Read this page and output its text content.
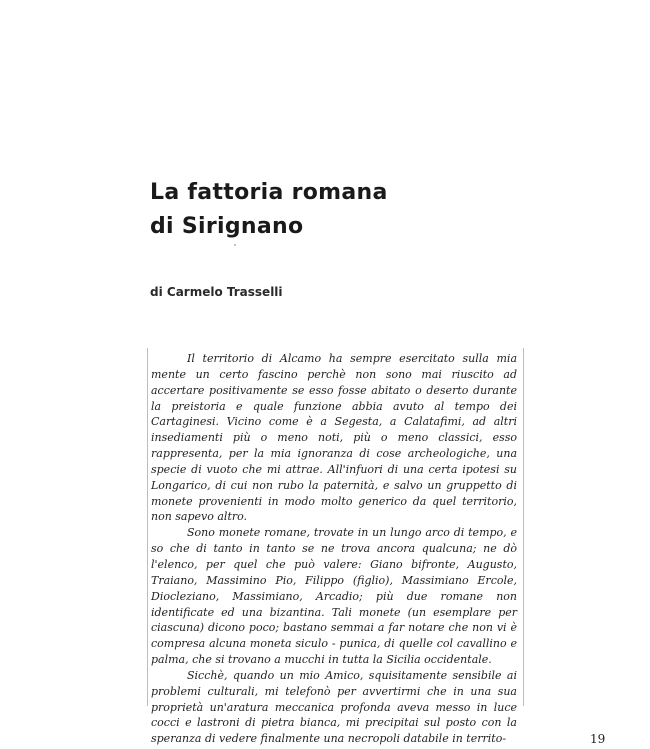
La fattoria romana
di Sirignano

di Carmelo Trasselli

Il territorio di Alcamo ha sempre esercitato sulla mia mente un certo fascino perchè non sono mai riuscito ad accertare positivamente se esso fosse abitato o deserto durante la preistoria e quale funzione abbia avuto al tempo dei Cartaginesi. Vicino come è a Segesta, a Calatafimi, ad altri insediamenti più o meno noti, più o meno classici, esso rappresenta, per la mia ignoranza di cose archeologiche, una specie di vuoto che mi attrae. All'infuori di una certa ipotesi su Longarico, di cui non rubo la paternità, e salvo un gruppetto di monete provenienti in modo molto generico da quel territorio, non sapevo altro.

Sono monete romane, trovate in un lungo arco di tempo, e so che di tanto in tanto se ne trova ancora qualcuna; ne dò l'elenco, per quel che può valere: Giano bifronte, Augusto, Traiano, Massimino Pio, Filippo (figlio), Massimiano Ercole, Diocleziano, Massimiano, Arcadio; più due romane non identificate ed una bizantina. Tali monete (un esemplare per ciascuna) dicono poco; bastano semmai a far notare che non vi è compresa alcuna moneta siculo - punica, di quelle col cavallino e palma, che si trovano a mucchi in tutta la Sicilia occidentale.

Sicchè, quando un mio Amico, squisitamente sensibile ai problemi culturali, mi telefonò per avvertirmi che in una sua proprietà un'aratura meccanica profonda aveva messo in luce cocci e lastroni di pietra bianca, mi precipitai sul posto con la speranza di vedere finalmente una necropoli databile in territo-	19
